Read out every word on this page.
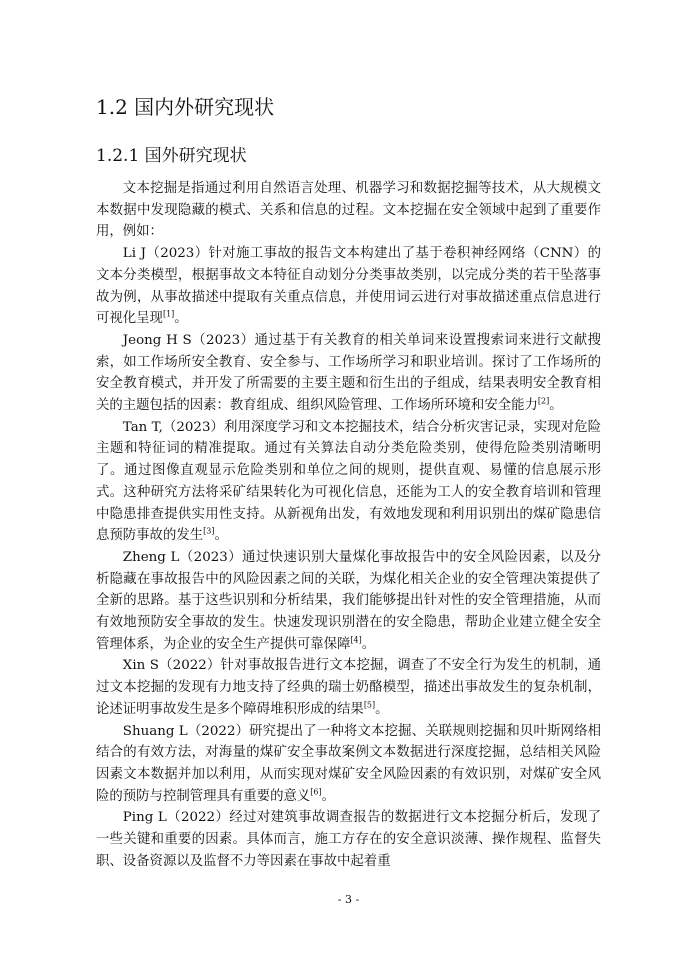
1.2 国内外研究现状
1.2.1 国外研究现状

文本挖掘是指通过利用自然语言处理、机器学习和数据挖掘等技术，从大规模文本数据中发现隐藏的模式、关系和信息的过程。文本挖掘在安全领域中起到了重要作用，例如：

Li J（2023）针对施工事故的报告文本构建出了基于卷积神经网络（CNN）的文本分类模型，根据事故文本特征自动划分分类事故类别，以完成分类的若干坠落事故为例，从事故描述中提取有关重点信息，并使用词云进行对事故描述重点信息进行可视化呈现[1]。

Jeong H S（2023）通过基于有关教育的相关单词来设置搜索词来进行文献搜索，如工作场所安全教育、安全参与、工作场所学习和职业培训。探讨了工作场所的安全教育模式，并开发了所需要的主要主题和衍生出的子组成，结果表明安全教育相关的主题包括的因素：教育组成、组织风险管理、工作场所环境和安全能力[2]。

Tan T,（2023）利用深度学习和文本挖掘技术，结合分析灾害记录，实现对危险主题和特征词的精准提取。通过有关算法自动分类危险类别，使得危险类别清晰明了。通过图像直观显示危险类别和单位之间的规则，提供直观、易懂的信息展示形式。这种研究方法将采矿结果转化为可视化信息，还能为工人的安全教育培训和管理中隐患排查提供实用性支持。从新视角出发，有效地发现和利用识别出的煤矿隐患信息预防事故的发生[3]。

Zheng L（2023）通过快速识别大量煤化事故报告中的安全风险因素，以及分析隐藏在事故报告中的风险因素之间的关联，为煤化相关企业的安全管理决策提供了全新的思路。基于这些识别和分析结果，我们能够提出针对性的安全管理措施，从而有效地预防安全事故的发生。快速发现识别潜在的安全隐患，帮助企业建立健全安全管理体系，为企业的安全生产提供可靠保障[4]。

Xin S（2022）针对事故报告进行文本挖掘，调查了不安全行为发生的机制，通过文本挖掘的发现有力地支持了经典的瑞士奶酪模型，描述出事故发生的复杂机制，论述证明事故发生是多个障碍堆积形成的结果[5]。

Shuang L（2022）研究提出了一种将文本挖掘、关联规则挖掘和贝叶斯网络相结合的有效方法，对海量的煤矿安全事故案例文本数据进行深度挖掘，总结相关风险因素文本数据并加以利用，从而实现对煤矿安全风险因素的有效识别，对煤矿安全风险的预防与控制管理具有重要的意义[6]。

Ping L（2022）经过对建筑事故调查报告的数据进行文本挖掘分析后，发现了一些关键和重要的因素。具体而言，施工方存在的安全意识淡薄、操作规程、监督失职、设备资源以及监督不力等因素在事故中起着重

- 3 -
